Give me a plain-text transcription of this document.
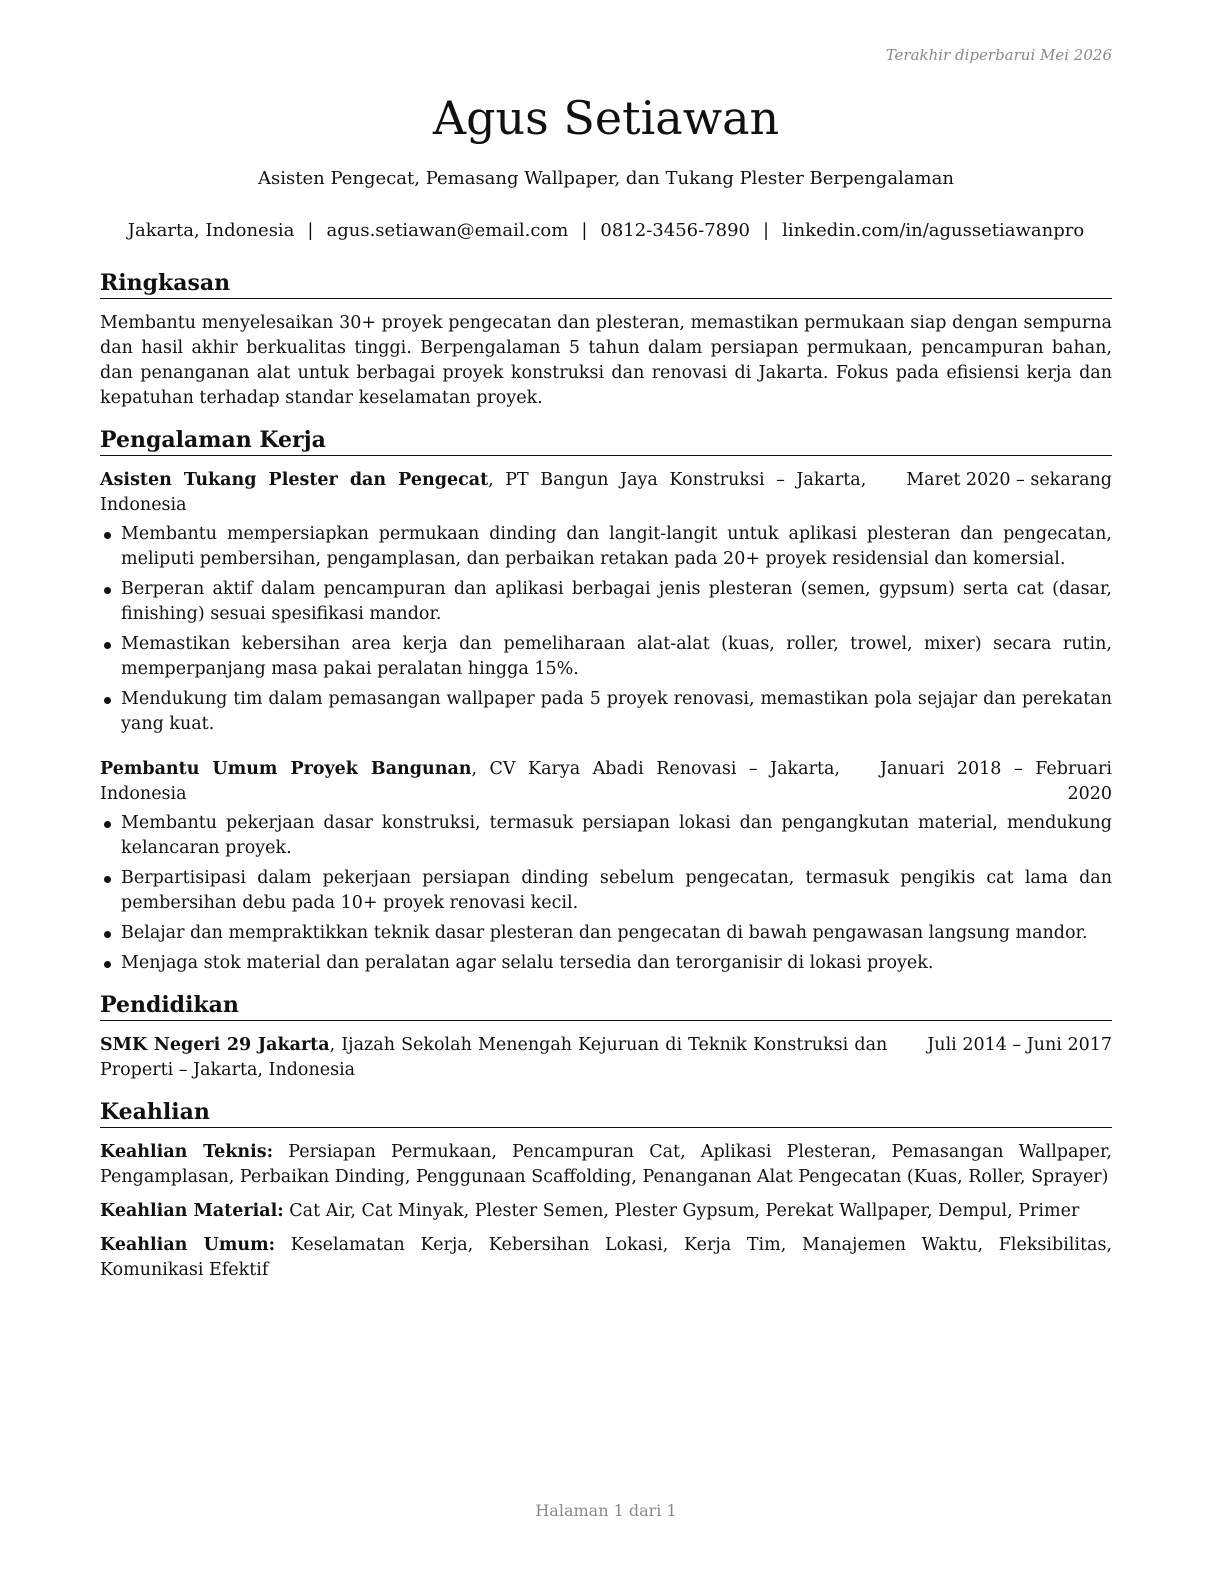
Terakhir diperbarui Mei 2026
Agus Setiawan
Asisten Pengecat, Pemasang Wallpaper, dan Tukang Plester Berpengalaman
Jakarta, Indonesia | agus.setiawan@email.com | 0812-3456-7890 | linkedin.com/in/agussetiawanpro
Ringkasan

Membantu menyelesaikan 30+ proyek pengecatan dan plesteran, memastikan permukaan siap dengan sempurna dan hasil akhir berkualitas tinggi. Berpengalaman 5 tahun dalam persiapan permukaan, pencampuran bahan, dan penanganan alat untuk berbagai proyek konstruksi dan renovasi di Jakarta. Fokus pada efisiensi kerja dan kepatuhan terhadap standar keselamatan proyek.

Pengalaman Kerja
Asisten Tukang Plester dan Pengecat, PT Bangun Jaya Konstruksi – Jakarta, Indonesia
Maret 2020 – sekarang
Membantu mempersiapkan permukaan dinding dan langit-langit untuk aplikasi plesteran dan pengecatan, meliputi pembersihan, pengamplasan, dan perbaikan retakan pada 20+ proyek residensial dan komersial.
Berperan aktif dalam pencampuran dan aplikasi berbagai jenis plesteran (semen, gypsum) serta cat (dasar, finishing) sesuai spesifikasi mandor.
Memastikan kebersihan area kerja dan pemeliharaan alat-alat (kuas, roller, trowel, mixer) secara rutin, memperpanjang masa pakai peralatan hingga 15%.
Mendukung tim dalam pemasangan wallpaper pada 5 proyek renovasi, memastikan pola sejajar dan perekatan yang kuat.
Pembantu Umum Proyek Bangunan, CV Karya Abadi Renovasi – Jakarta, Indonesia
Januari 2018 – Februari 2020
Membantu pekerjaan dasar konstruksi, termasuk persiapan lokasi dan pengangkutan material, mendukung kelancaran proyek.
Berpartisipasi dalam pekerjaan persiapan dinding sebelum pengecatan, termasuk pengikis cat lama dan pembersihan debu pada 10+ proyek renovasi kecil.
Belajar dan mempraktikkan teknik dasar plesteran dan pengecatan di bawah pengawasan langsung mandor.
Menjaga stok material dan peralatan agar selalu tersedia dan terorganisir di lokasi proyek.
Pendidikan
SMK Negeri 29 Jakarta, Ijazah Sekolah Menengah Kejuruan di Teknik Konstruksi dan Properti – Jakarta, Indonesia
Juli 2014 – Juni 2017
Keahlian

Keahlian Teknis: Persiapan Permukaan, Pencampuran Cat, Aplikasi Plesteran, Pemasangan Wallpaper, Pengamplasan, Perbaikan Dinding, Penggunaan Scaffolding, Penanganan Alat Pengecatan (Kuas, Roller, Sprayer)

Keahlian Material: Cat Air, Cat Minyak, Plester Semen, Plester Gypsum, Perekat Wallpaper, Dempul, Primer

Keahlian Umum: Keselamatan Kerja, Kebersihan Lokasi, Kerja Tim, Manajemen Waktu, Fleksibilitas, Komunikasi Efektif

Halaman 1 dari 1
